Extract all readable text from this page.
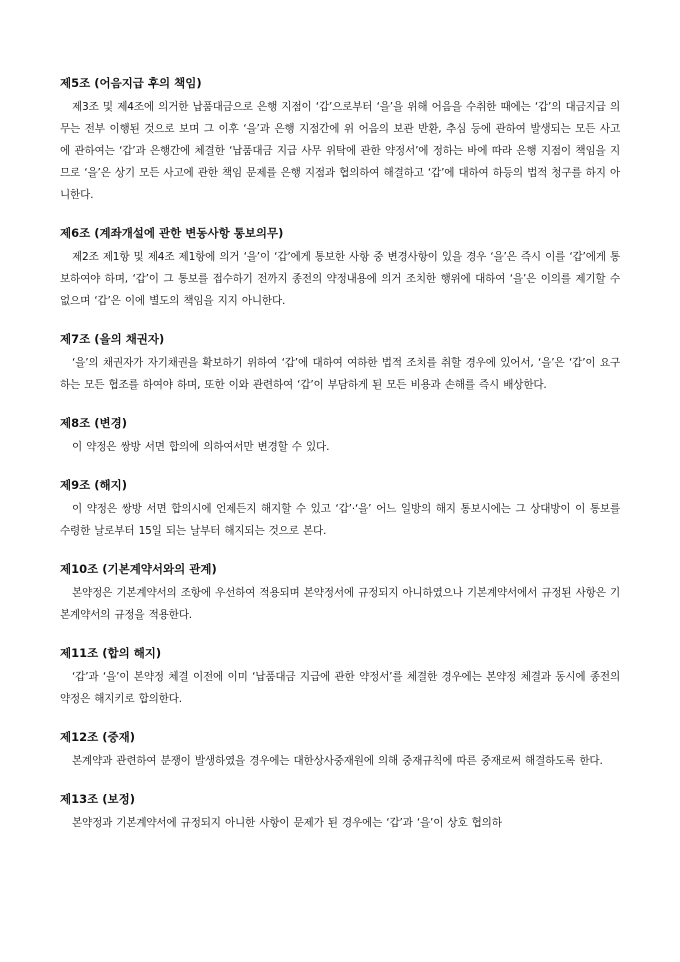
제5조 (어음지급 후의 책임)

제3조 및 제4조에 의거한 납품대금으로 은행 지점이 ‘갑’으로부터 ‘을’을 위해 어음을 수취한 때에는 ‘갑’의 대금지급 의무는 전부 이행된 것으로 보며 그 이후 ‘을’과 은행 지점간에 위 어음의 보관 반환, 추심 등에 관하여 발생되는 모든 사고에 관하여는 ‘갑’과 은행간에 체결한 ‘납품대금 지급 사무 위탁에 관한 약정서’에 정하는 바에 따라 은행 지점이 책임을 지므로 ‘을’은 상기 모든 사고에 관한 책임 문제를 은행 지점과 협의하여 해결하고 ‘갑’에 대하여 하등의 법적 청구를 하지 아니한다.

제6조 (계좌개설에 관한 변동사항 통보의무)

제2조 제1항 및 제4조 제1항에 의거 ‘을’이 ‘갑’에게 통보한 사항 중 변경사항이 있을 경우 ‘을’은 즉시 이를 ‘갑’에게 통보하여야 하며, ‘갑’이 그 통보를 접수하기 전까지 종전의 약정내용에 의거 조치한 행위에 대하여 ‘을’은 이의를 제기할 수 없으며 ‘갑’은 이에 별도의 책임을 지지 아니한다.

제7조 (을의 채권자)

‘을’의 채권자가 자기채권을 확보하기 위하여 ‘갑’에 대하여 여하한 법적 조치를 취할 경우에 있어서, ‘을’은 ‘갑’이 요구하는 모든 협조를 하여야 하며, 또한 이와 관련하여 ‘갑’이 부담하게 된 모든 비용과 손해를 즉시 배상한다.

제8조 (변경)

이 약정은 쌍방 서면 합의에 의하여서만 변경할 수 있다.

제9조 (해지)

이 약정은 쌍방 서면 합의시에 언제든지 해지할 수 있고 ‘갑’·‘을’ 어느 일방의 해지 통보시에는 그 상대방이 이 통보를 수령한 날로부터 15일 되는 날부터 해지되는 것으로 본다.

제10조 (기본계약서와의 관계)

본약정은 기본계약서의 조항에 우선하여 적용되며 본약정서에 규정되지 아니하였으나 기본계약서에서 규정된 사항은 기본계약서의 규정을 적용한다.

제11조 (합의 해지)

‘갑’과 ‘을’이 본약정 체결 이전에 이미 ‘납품대금 지급에 관한 약정서’를 체결한 경우에는 본약정 체결과 동시에 종전의 약정은 해지키로 합의한다.

제12조 (중재)

본계약과 관련하여 분쟁이 발생하였을 경우에는 대한상사중재원에 의해 중재규칙에 따른 중재로써 해결하도록 한다.

제13조 (보정)

본약정과 기본계약서에 규정되지 아니한 사항이 문제가 된 경우에는 ‘갑’과 ‘을’이 상호 협의하
